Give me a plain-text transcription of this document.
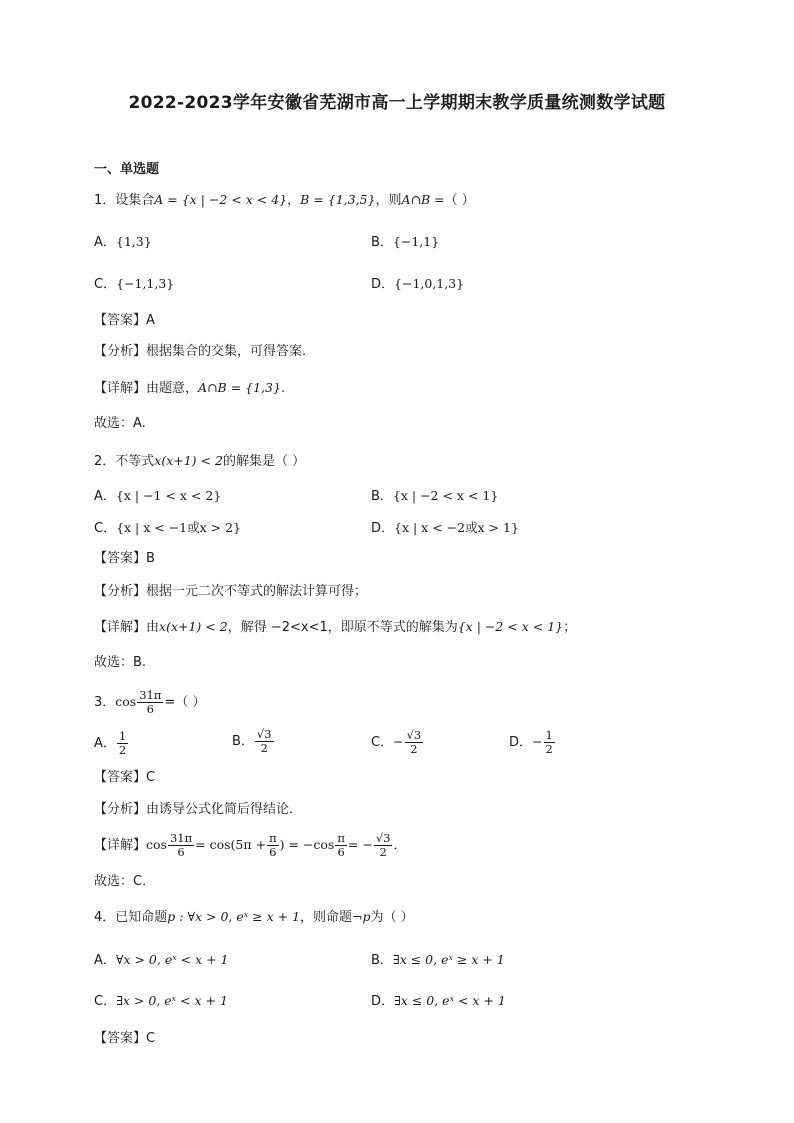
2022-2023学年安徽省芜湖市高一上学期期末教学质量统测数学试题
一、单选题
1．设集合A = {x | −2 < x < 4}，B = {1,3,5}，则A∩B =（ ）
A．{1,3}	B．{−1,1}
C．{−1,1,3}	D．{−1,0,1,3}
【答案】A
【分析】根据集合的交集，可得答案.
【详解】由题意，A∩B = {1,3}.
故选：A.
2．不等式x(x+1) < 2的解集是（ ）
A．{x | −1 < x < 2}	B．{x | −2 < x < 1}
C．{x | x < −1或x > 2}	D．{x | x < −2或x > 1}
【答案】B
【分析】根据一元二次不等式的解法计算可得；
【详解】由x(x+1) < 2，解得 −2<x<1，即原不等式的解集为{x | −2 < x < 1}；
故选：B.
3．$\cos \frac{31\pi}{6}$ =（ ）
A． $\frac{1}{2}$	B． $\frac{√3}{2}$	C．− $\frac{√3}{2}$	D．− $\frac{1}{2}$
【答案】C
【分析】由诱导公式化简后得结论．
【详解】$\cos \frac{31\pi}{6} = \cos(5\pi + \frac{\pi}{6}$ ) = $-\cos \frac{\pi}{6}$ = − $\frac{√3}{2}$ ．
故选：C．
4．已知命题p : ∀x > 0, eˣ ≥ x + 1，则命题¬p为（ ）
A．∀x > 0, eˣ < x + 1	B．∃x ≤ 0, eˣ ≥ x + 1
C．∃x > 0, eˣ < x + 1	D．∃x ≤ 0, eˣ < x + 1
【答案】C
